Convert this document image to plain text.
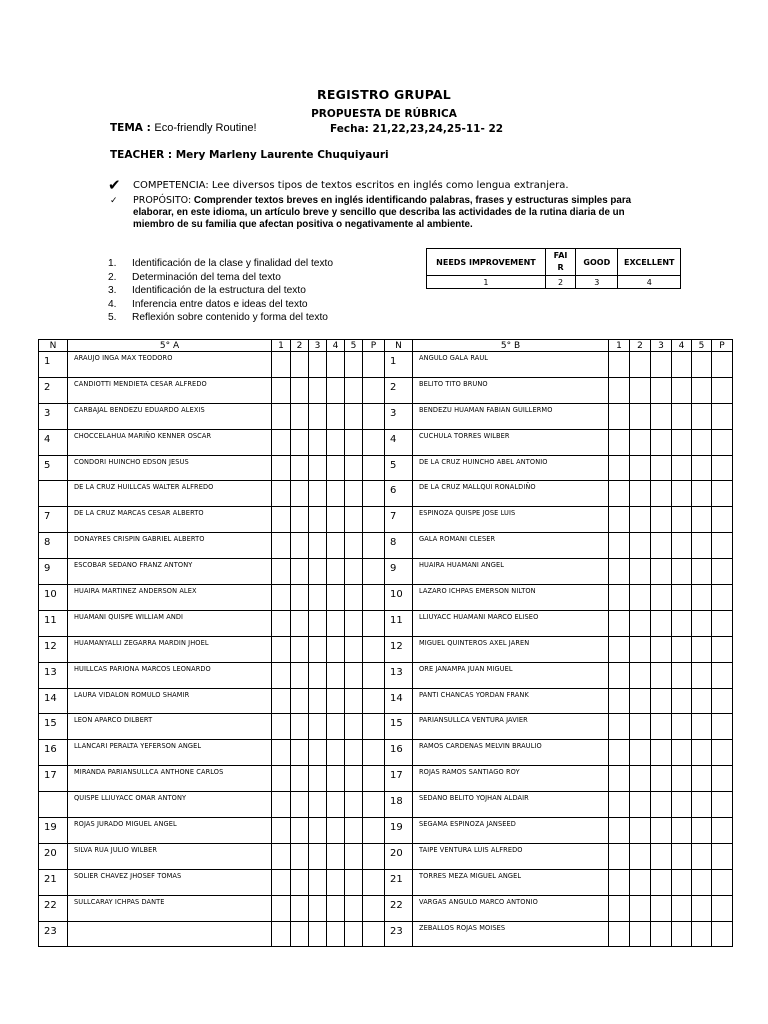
REGISTRO GRUPAL
PROPUESTA DE RÚBRICA
TEMA : Eco-friendly Routine!	Fecha: 21,22,23,24,25-11- 22
TEACHER : Mery Marleny Laurente Chuquiyauri
✔ COMPETENCIA: Lee diversos tipos de textos escritos en inglés como lengua extranjera.
✓ PROPÓSITO: Comprender textos breves en inglés identificando palabras, frases y estructuras simples para elaborar, en este idioma, un artículo breve y sencillo que describa las actividades de la rutina diaria de un miembro de su familia que afectan positiva o negativamente al ambiente.
1. Identificación de la clase y finalidad del texto
2. Determinación del tema del texto
3. Identificación de la estructura del texto
4. Inferencia entre datos e ideas del texto
5. Reflexión sobre contenido y forma del texto
NEEDS IMPROVEMENT	FAI R	GOOD	EXCELLENT
1	2	3	4
N	5° A	1	2	3	4	5	P	N	5° B	1	2	3	4	5	P
1	ARAUJO INGA MAX TEODORO							1	ANGULO GALA RAUL						
2	CANDIOTTI MENDIETA CESAR ALFREDO							2	BELITO TITO BRUNO						
3	CARBAJAL BENDEZU EDUARDO ALEXIS							3	BENDEZU HUAMAN FABIAN GUILLERMO						
4	CHOCCELAHUA MARIÑO KENNER OSCAR							4	CUCHULA TORRES WILBER						
5	CONDORI HUINCHO EDSON JESUS							5	DE LA CRUZ HUINCHO ABEL ANTONIO						
	DE LA CRUZ HUILLCAS WALTER ALFREDO							6	DE LA CRUZ MALLQUI RONALDIÑO						
7	DE LA CRUZ MARCAS CESAR ALBERTO							7	ESPINOZA QUISPE JOSE LUIS						
8	DONAYRES CRISPIN GABRIEL ALBERTO							8	GALA ROMANI CLESER						
9	ESCOBAR SEDANO FRANZ ANTONY							9	HUAIRA HUAMANI ANGEL						
10	HUAIRA MARTINEZ ANDERSON ALEX							10	LAZARO ICHPAS EMERSON NILTON						
11	HUAMANI QUISPE WILLIAM ANDI							11	LLIUYACC HUAMANI MARCO ELISEO						
12	HUAMANYALLI ZEGARRA MARDIN JHOEL							12	MIGUEL QUINTEROS AXEL JAREN						
13	HUILLCAS PARIONA MARCOS LEONARDO							13	ORE JANAMPA JUAN MIGUEL						
14	LAURA VIDALON ROMULO SHAMIR							14	PANTI CHANCAS YORDAN FRANK						
15	LEON APARCO DILBERT							15	PARIANSULLCA VENTURA JAVIER						
16	LLANCARI PERALTA YEFERSON ANGEL							16	RAMOS CARDENAS MELVIN BRAULIO						
17	MIRANDA PARIANSULLCA ANTHONE CARLOS							17	ROJAS RAMOS SANTIAGO ROY						
	QUISPE LLIUYACC OMAR ANTONY							18	SEDANO BELITO YOJHAN ALDAIR						
19	ROJAS JURADO MIGUEL ANGEL							19	SEGAMA ESPINOZA JANSEED						
20	SILVA RUA JULIO WILBER							20	TAIPE VENTURA LUIS ALFREDO						
21	SOLIER CHAVEZ JHOSEF TOMAS							21	TORRES MEZA MIGUEL ANGEL						
22	SULLCARAY ICHPAS DANTE							22	VARGAS ANGULO MARCO ANTONIO						
23								23	ZEBALLOS ROJAS MOISES						
